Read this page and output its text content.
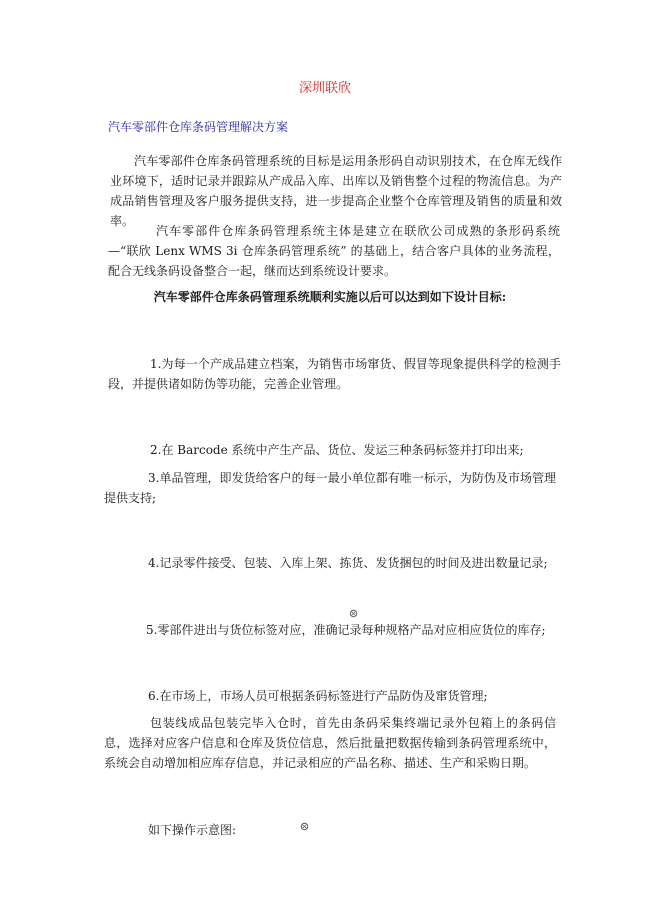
深圳联欣

汽车零部件仓库条码管理解决方案

汽车零部件仓库条码管理系统的目标是运用条形码自动识别技术，在仓库无线作业环境下，适时记录并跟踪从产成品入库、出库以及销售整个过程的物流信息。为产成品销售管理及客户服务提供支持，进一步提高企业整个仓库管理及销售的质量和效率。

汽车零部件仓库条码管理系统主体是建立在联欣公司成熟的条形码系统 —“联欣 Lenx WMS 3i 仓库条码管理系统” 的基础上，结合客户具体的业务流程，配合无线条码设备整合一起，继而达到系统设计要求。

汽车零部件仓库条码管理系统顺利实施以后可以达到如下设计目标:

1.为每一个产成品建立档案，为销售市场窜货、假冒等现象提供科学的检测手段，并提供诸如防伪等功能，完善企业管理。

2.在 Barcode 系统中产生产品、货位、发运三种条码标签并打印出来;

3.单品管理，即发货给客户的每一最小单位都有唯一标示，为防伪及市场管理提供支持;

4.记录零件接受、包装、入库上架、拣货、发货捆包的时间及进出数量记录;

5.零部件进出与货位标签对应，准确记录每种规格产品对应相应货位的库存;

6.在市场上，市场人员可根据条码标签进行产品防伪及窜货管理;

包装线成品包装完毕入仓时，首先由条码采集终端记录外包箱上的条码信息，选择对应客户信息和仓库及货位信息，然后批量把数据传输到条码管理系统中，系统会自动增加相应库存信息，并记录相应的产品名称、描述、生产和采购日期。

如下操作示意图:
